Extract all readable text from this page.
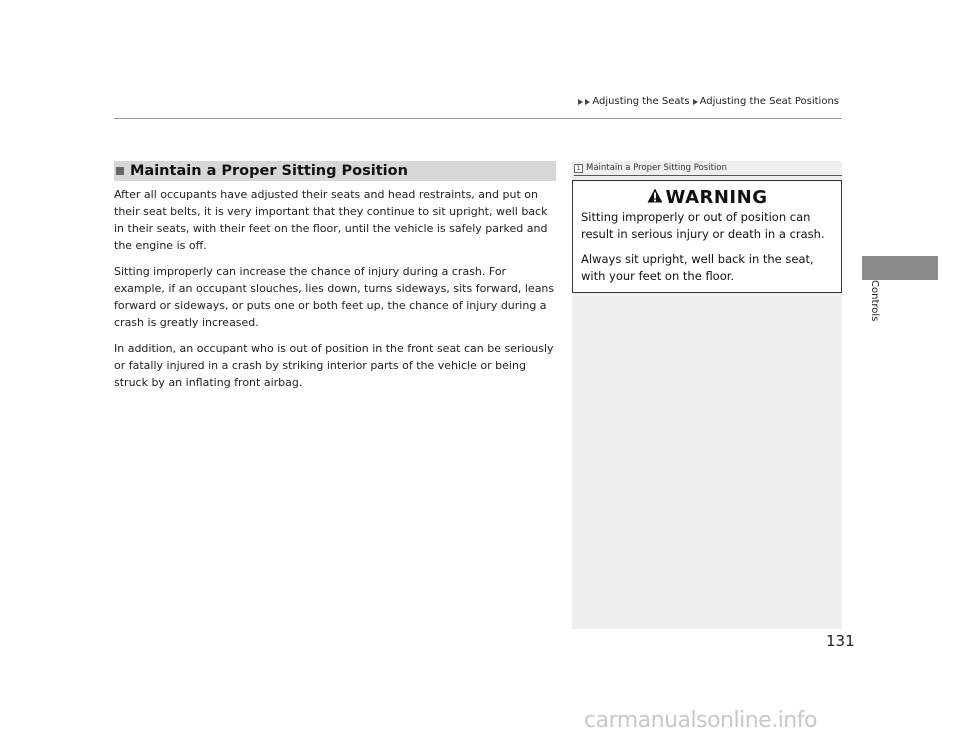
Adjusting the Seats Adjusting the Seat Positions
Controls
Maintain a Proper Sitting Position

After all occupants have adjusted their seats and head restraints, and put on their seat belts, it is very important that they continue to sit upright, well back in their seats, with their feet on the floor, until the vehicle is safely parked and the engine is off.

Sitting improperly can increase the chance of injury during a crash. For example, if an occupant slouches, lies down, turns sideways, sits forward, leans forward or sideways, or puts one or both feet up, the chance of injury during a crash is greatly increased.

In addition, an occupant who is out of position in the front seat can be seriously or fatally injured in a crash by striking interior parts of the vehicle or being struck by an inflating front airbag.

1 Maintain a Proper Sitting Position
WARNING

Sitting improperly or out of position can result in serious injury or death in a crash.

Always sit upright, well back in the seat, with your feet on the floor.

131
carmanualsonline.info
